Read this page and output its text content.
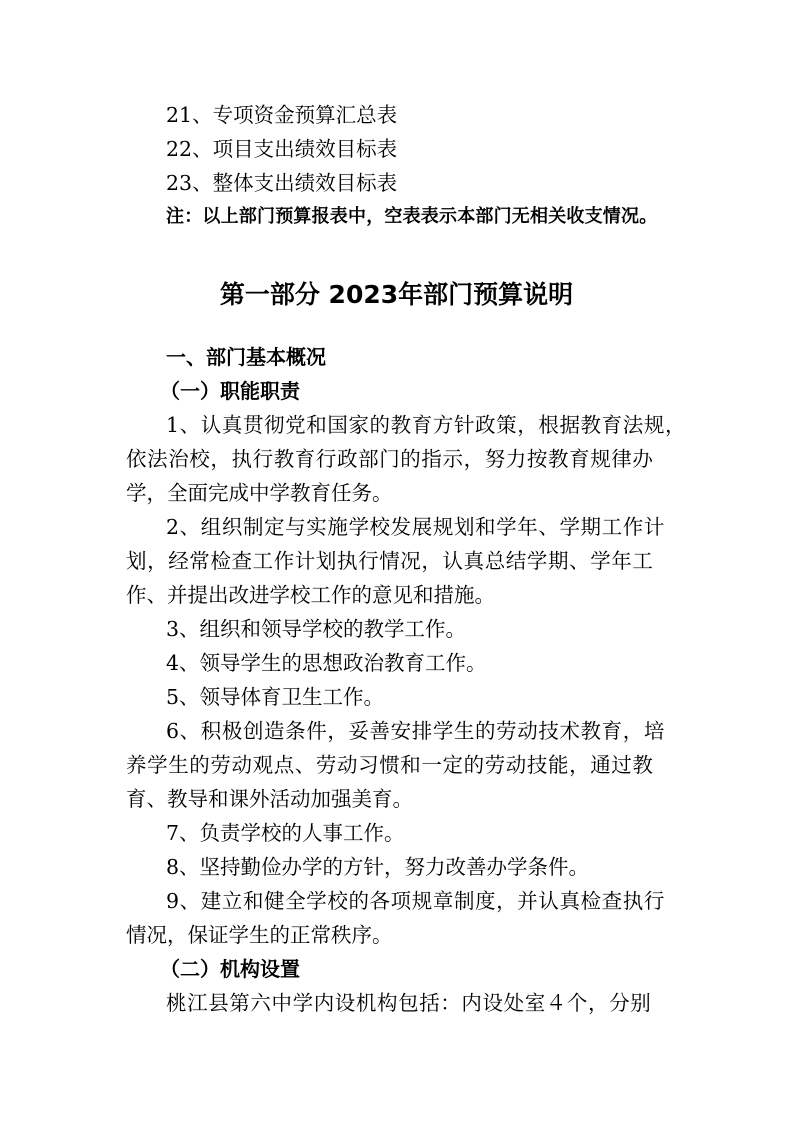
21、专项资金预算汇总表
22、项目支出绩效目标表
23、整体支出绩效目标表
注：以上部门预算报表中，空表表示本部门无相关收支情况。
第一部分 2023年部门预算说明
一、部门基本概况
（一）职能职责
1、认真贯彻党和国家的教育方针政策，根据教育法规，
依法治校，执行教育行政部门的指示，努力按教育规律办
学，全面完成中学教育任务。
2、组织制定与实施学校发展规划和学年、学期工作计
划，经常检查工作计划执行情况，认真总结学期、学年工
作、并提出改进学校工作的意见和措施。
3、组织和领导学校的教学工作。
4、领导学生的思想政治教育工作。
5、领导体育卫生工作。
6、积极创造条件，妥善安排学生的劳动技术教育，培
养学生的劳动观点、劳动习惯和一定的劳动技能，通过教
育、教导和课外活动加强美育。
7、负责学校的人事工作。
8、坚持勤俭办学的方针，努力改善办学条件。
9、建立和健全学校的各项规章制度，并认真检查执行
情况，保证学生的正常秩序。
（二）机构设置
桃江县第六中学内设机构包括：内设处室４个，分别
